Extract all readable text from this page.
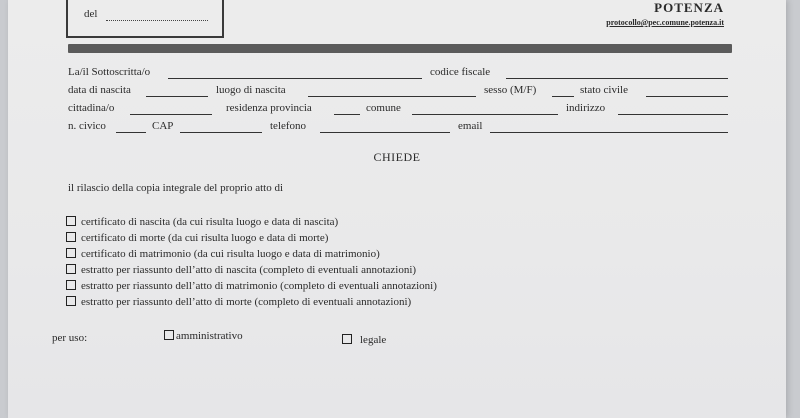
del	POTENZA
protocollo@pec.comune.potenza.it
La/il Sottoscritta/o	codice fiscale
data di nascita	luogo di nascita	sesso (M/F)	stato civile
cittadina/o	residenza provincia	comune	indirizzo
n. civico	CAP	telefono	email
CHIEDE
il rilascio della copia integrale del proprio atto di
certificato di nascita (da cui risulta luogo e data di nascita)
certificato di morte (da cui risulta luogo e data di morte)
certificato di matrimonio (da cui risulta luogo e data di matrimonio)
estratto per riassunto dell’atto di nascita (completo di eventuali annotazioni)
estratto per riassunto dell’atto di matrimonio (completo di eventuali annotazioni)
estratto per riassunto dell’atto di morte (completo di eventuali annotazioni)
per uso:	amministrativo	legale
